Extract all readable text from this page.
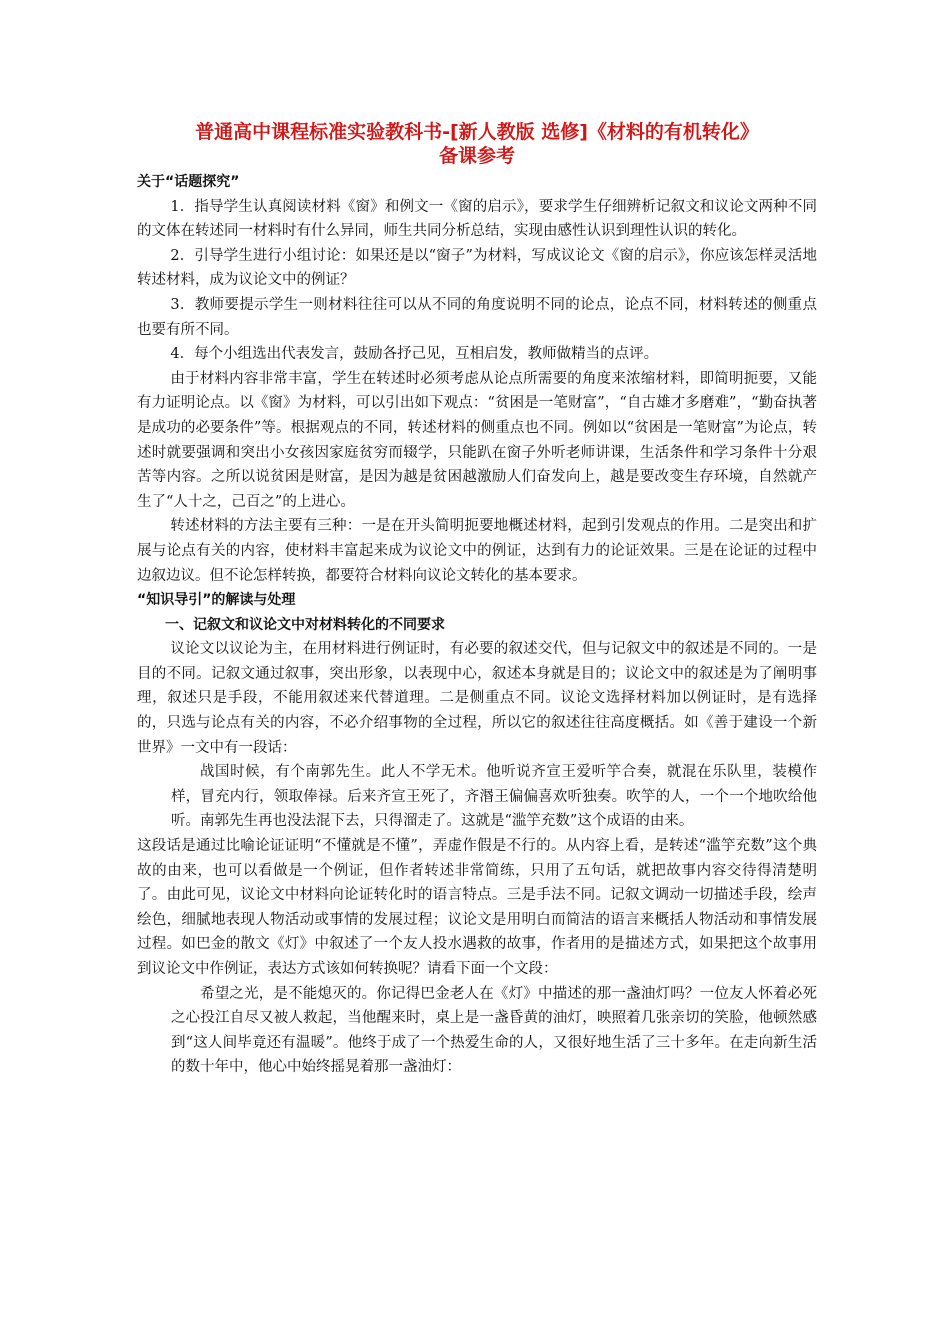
普通高中课程标准实验教科书-[新人教版 选修]《材料的有机转化》
备课参考

关于“话题探究”

1．指导学生认真阅读材料《窗》和例文一《窗的启示》，要求学生仔细辨析记叙文和议论文两种不同的文体在转述同一材料时有什么异同，师生共同分析总结，实现由感性认识到理性认识的转化。

2．引导学生进行小组讨论：如果还是以“窗子”为材料，写成议论文《窗的启示》，你应该怎样灵活地转述材料，成为议论文中的例证？

3．教师要提示学生一则材料往往可以从不同的角度说明不同的论点，论点不同，材料转述的侧重点也要有所不同。

4．每个小组选出代表发言，鼓励各抒己见，互相启发，教师做精当的点评。

由于材料内容非常丰富，学生在转述时必须考虑从论点所需要的角度来浓缩材料，即简明扼要，又能有力证明论点。以《窗》为材料，可以引出如下观点：“贫困是一笔财富”，“自古雄才多磨难”，“勤奋执著是成功的必要条件”等。根据观点的不同，转述材料的侧重点也不同。例如以“贫困是一笔财富”为论点，转述时就要强调和突出小女孩因家庭贫穷而辍学，只能趴在窗子外听老师讲课，生活条件和学习条件十分艰苦等内容。之所以说贫困是财富，是因为越是贫困越激励人们奋发向上，越是要改变生存环境，自然就产生了“人十之，己百之”的上进心。

转述材料的方法主要有三种：一是在开头简明扼要地概述材料，起到引发观点的作用。二是突出和扩展与论点有关的内容，使材料丰富起来成为议论文中的例证，达到有力的论证效果。三是在论证的过程中边叙边议。但不论怎样转换，都要符合材料向议论文转化的基本要求。

“知识导引”的解读与处理

一、记叙文和议论文中对材料转化的不同要求

议论文以议论为主，在用材料进行例证时，有必要的叙述交代，但与记叙文中的叙述是不同的。一是目的不同。记叙文通过叙事，突出形象，以表现中心，叙述本身就是目的；议论文中的叙述是为了阐明事理，叙述只是手段，不能用叙述来代替道理。二是侧重点不同。议论文选择材料加以例证时，是有选择的，只选与论点有关的内容，不必介绍事物的全过程，所以它的叙述往往高度概括。如《善于建设一个新世界》一文中有一段话：

战国时候，有个南郭先生。此人不学无术。他听说齐宣王爱听竽合奏，就混在乐队里，装模作样，冒充内行，领取俸禄。后来齐宣王死了，齐湣王偏偏喜欢听独奏。吹竽的人，一个一个地吹给他听。南郭先生再也没法混下去，只得溜走了。这就是“滥竽充数”这个成语的由来。

这段话是通过比喻论证证明“不懂就是不懂”，弄虚作假是不行的。从内容上看，是转述“滥竽充数”这个典故的由来，也可以看做是一个例证，但作者转述非常简练，只用了五句话，就把故事内容交待得清楚明了。由此可见，议论文中材料向论证转化时的语言特点。三是手法不同。记叙文调动一切描述手段，绘声绘色，细腻地表现人物活动或事情的发展过程；议论文是用明白而简洁的语言来概括人物活动和事情发展过程。如巴金的散文《灯》中叙述了一个友人投水遇救的故事，作者用的是描述方式，如果把这个故事用到议论文中作例证，表达方式该如何转换呢？请看下面一个文段：

希望之光，是不能熄灭的。你记得巴金老人在《灯》中描述的那一盏油灯吗？一位友人怀着必死之心投江自尽又被人救起，当他醒来时，桌上是一盏昏黄的油灯，映照着几张亲切的笑脸，他顿然感到“这人间毕竟还有温暖”。他终于成了一个热爱生命的人，又很好地生活了三十多年。在走向新生活的数十年中，他心中始终摇晃着那一盏油灯：
